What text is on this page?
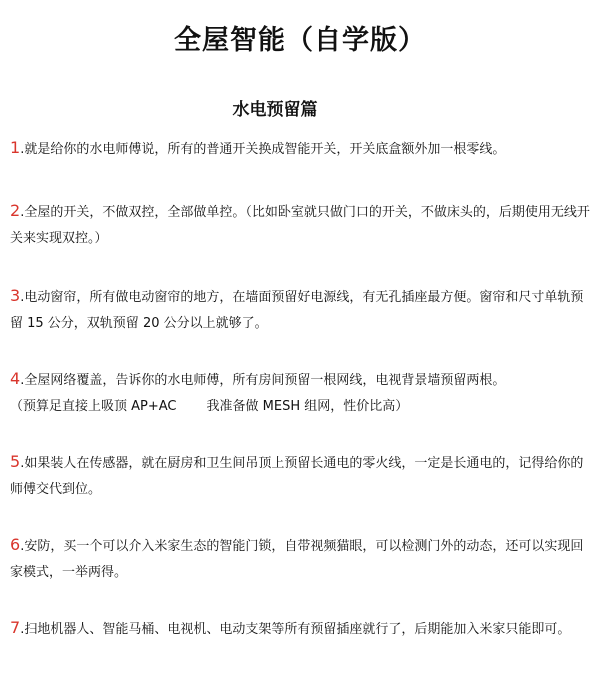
全屋智能（自学版）
水电预留篇
1.就是给你的水电师傅说，所有的普通开关换成智能开关，开关底盒额外加一根零线。
2.全屋的开关，不做双控，全部做单控。（比如卧室就只做门口的开关，不做床头的，后期使用无线开关来实现双控。）
3.电动窗帘，所有做电动窗帘的地方，在墙面预留好电源线，有无孔插座最方便。窗帘和尺寸单轨预留 15 公分，双轨预留 20 公分以上就够了。
4.全屋网络覆盖，告诉你的水电师傅，所有房间预留一根网线，电视背景墙预留两根。
（预算足直接上吸顶 AP+AC 我准备做 MESH 组网，性价比高）
5.如果装人在传感器，就在厨房和卫生间吊顶上预留长通电的零火线，一定是长通电的，记得给你的师傅交代到位。
6.安防，买一个可以介入米家生态的智能门锁，自带视频猫眼，可以检测门外的动态，还可以实现回家模式，一举两得。
7.扫地机器人、智能马桶、电视机、电动支架等所有预留插座就行了，后期能加入米家只能即可。
